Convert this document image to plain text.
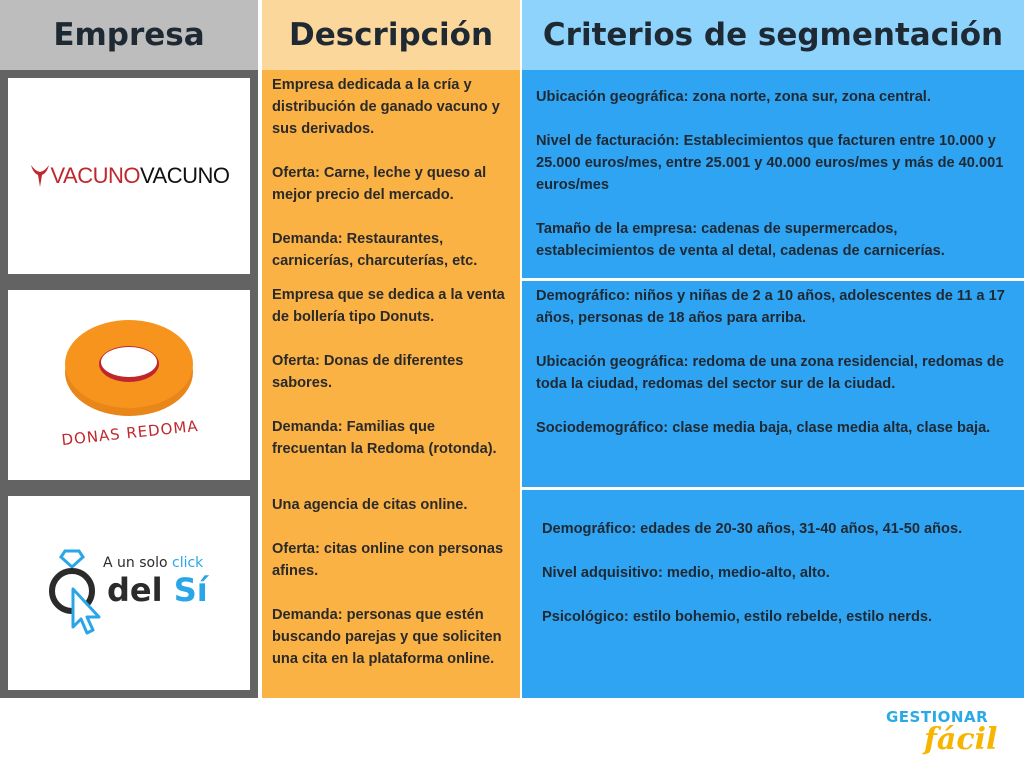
Empresa	Descripción Criterios de segmentación
VACUNO VACUNO
Empresa dedicada a la cría y distribución de ganado vacuno y sus derivados.
Oferta: Carne, leche y queso al mejor precio del mercado.
Demanda: Restaurantes, carnicerías, charcuterías, etc.
Ubicación geográfica: zona norte, zona sur, zona central.
Nivel de facturación: Establecimientos que facturen entre 10.000 y 25.000 euros/mes, entre 25.001 y 40.000 euros/mes y más de 40.001 euros/mes
Tamaño de la empresa: cadenas de supermercados, establecimientos de venta al detal, cadenas de carnicerías.
DONAS REDOMA
Empresa que se dedica a la venta de bollería tipo Donuts.
Oferta: Donas de diferentes sabores.
Demanda: Familias que frecuentan la Redoma (rotonda).
Demográfico: niños y niñas de 2 a 10 años, adolescentes de 11 a 17 años, personas de 18 años para arriba.
Ubicación geográfica: redoma de una zona residencial, redomas de toda la ciudad, redomas del sector sur de la ciudad.
Sociodemográfico: clase media baja, clase media alta, clase baja.
A un solo click
del Sí
Una agencia de citas online.
Oferta: citas online con personas afines.
Demanda: personas que estén buscando parejas y que soliciten una cita en la plataforma online.
Demográfico: edades de 20-30 años, 31-40 años, 41-50 años.
Nivel adquisitivo: medio, medio-alto, alto.
Psicológico: estilo bohemio, estilo rebelde, estilo nerds.
GESTIONAR
fácil
